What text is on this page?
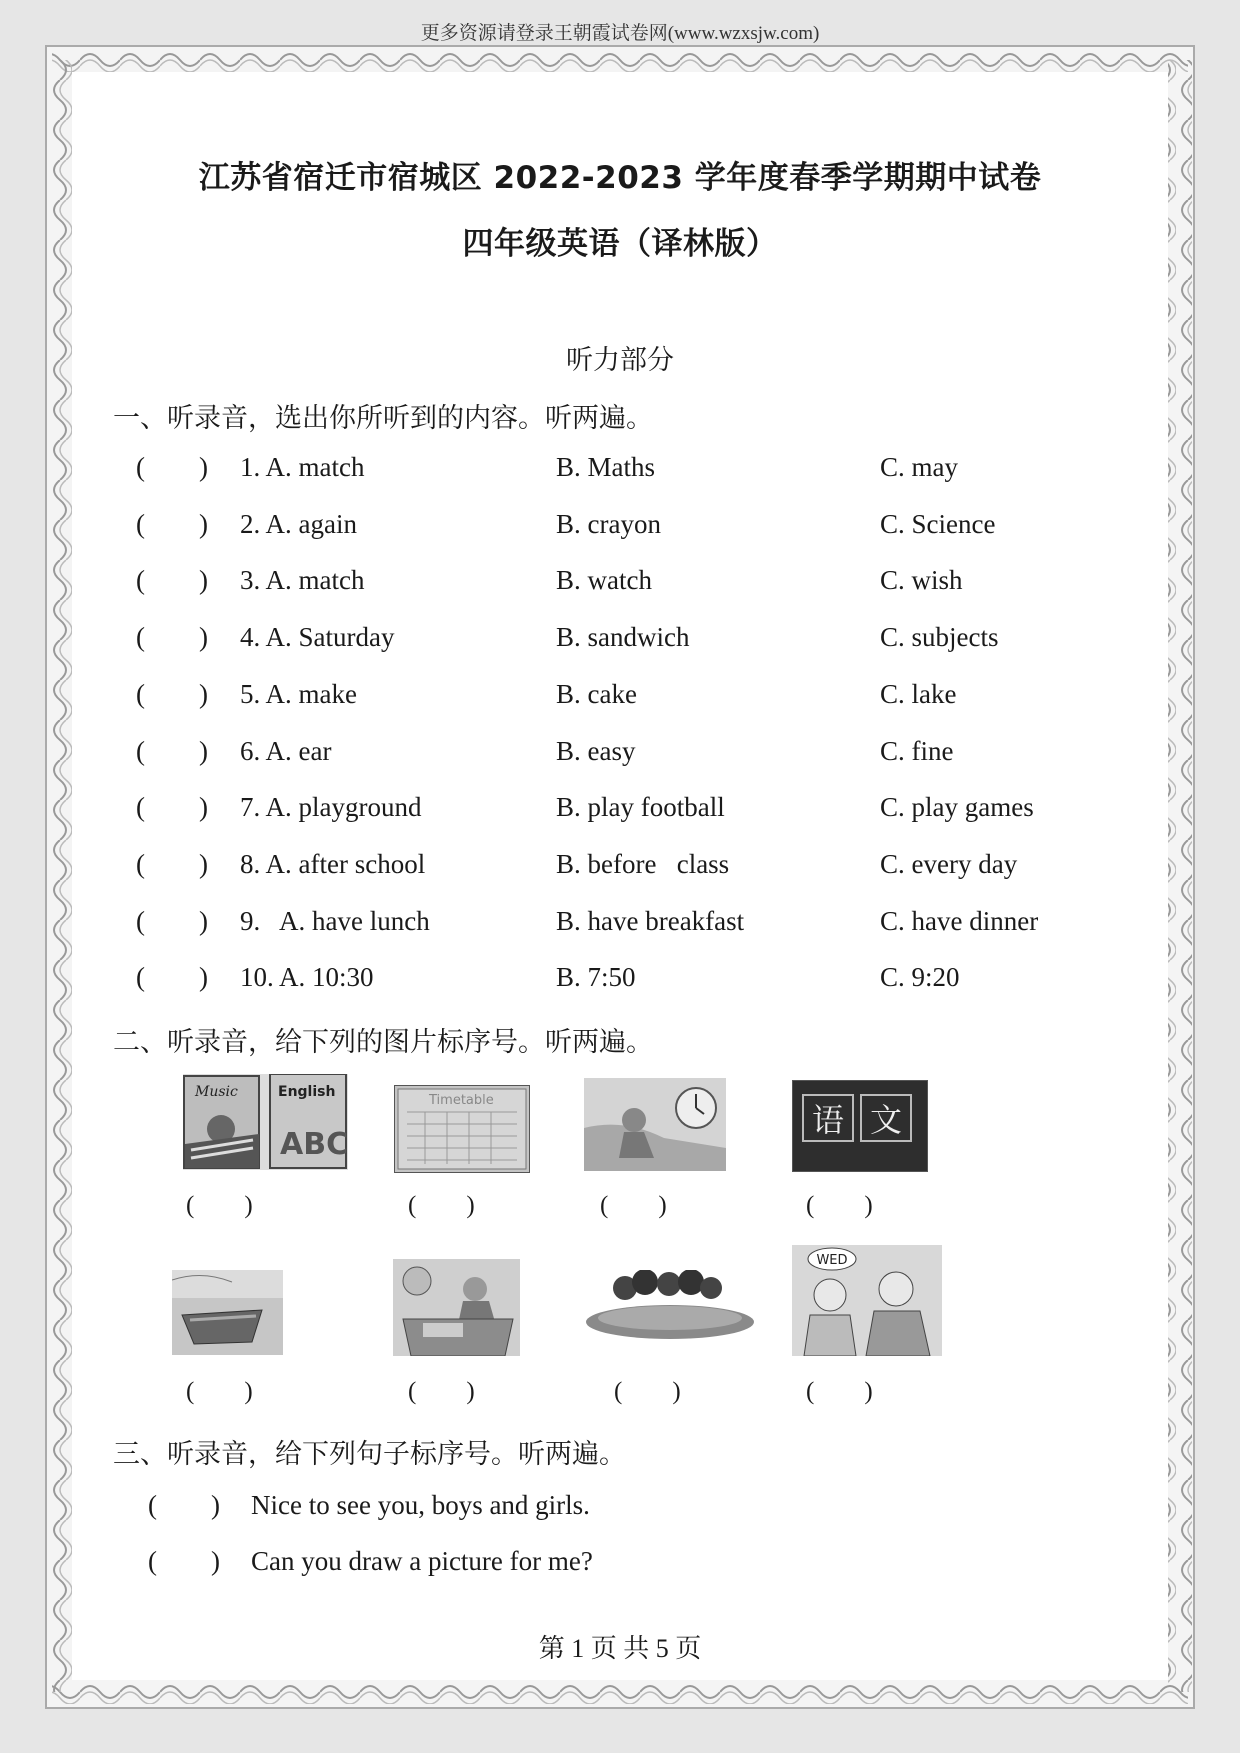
更多资源请登录王朝霞试卷网(www.wzxsjw.com)
江苏省宿迁市宿城区 2022-2023 学年度春季学期期中试卷
四年级英语（译林版）
听力部分
一、听录音，选出你所听到的内容。听两遍。
(        ) 1. A. match	B. Maths	C. may
(        ) 2. A. again	B. crayon	C. Science
(        ) 3. A. match	B. watch	C. wish
(        ) 4. A. Saturday	B. sandwich	C. subjects
(        ) 5. A. make	B. cake	C. lake
(        ) 6. A. ear	B. easy	C. fine
(        ) 7. A. playground	B. play football	C. play games
(        ) 8. A. after school	B. before   class	C. every day
(        ) 9.   A. have lunch	B. have breakfast	C. have dinner
(        ) 10. A. 10:30	B. 7:50	C. 9:20
二、听录音，给下列的图片标序号。听两遍。
Music	English
ABC
Timetable
语 文
(        )	(        )	(        )	(        )
WED
(        )	(        )	(        )	(        )
三、听录音，给下列句子标序号。听两遍。
(        ) Nice to see you, boys and girls.
(        ) Can you draw a picture for me?
第 1 页 共 5 页
